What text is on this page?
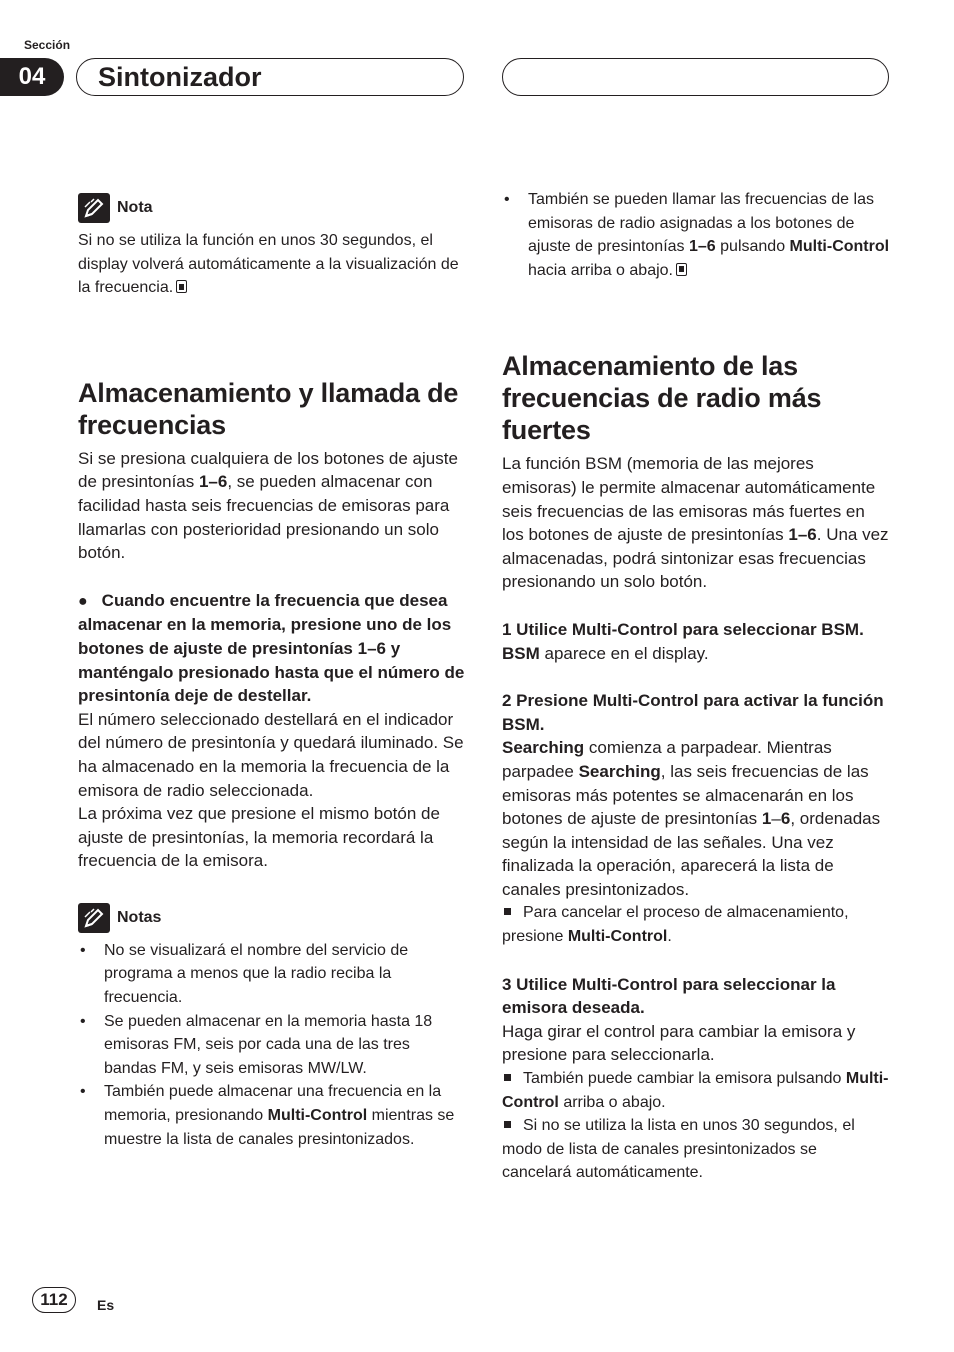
Sección
04	Sintonizador
Nota

Si no se utiliza la función en unos 30 segundos, el display volverá automáticamente a la visualización de la frecuencia.

Almacenamiento y llamada de frecuencias

Si se presiona cualquiera de los botones de ajuste de presintonías 1–6, se pueden almacenar con facilidad hasta seis frecuencias de emisoras para llamarlas con posterioridad presionando un solo botón.

● Cuando encuentre la frecuencia que desea almacenar en la memoria, presione uno de los botones de ajuste de presintonías 1–6 y manténgalo presionado hasta que el número de presintonía deje de destellar.

El número seleccionado destellará en el indicador del número de presintonía y quedará iluminado. Se ha almacenado en la memoria la frecuencia de la emisora de radio seleccionada.

La próxima vez que presione el mismo botón de ajuste de presintonías, la memoria recordará la frecuencia de la emisora.

Notas
• No se visualizará el nombre del servicio de programa a menos que la radio reciba la frecuencia.
• Se pueden almacenar en la memoria hasta 18 emisoras FM, seis por cada una de las tres bandas FM, y seis emisoras MW/LW.
• También puede almacenar una frecuencia en la memoria, presionando Multi-Control mientras se muestre la lista de canales presintonizados.
• También se pueden llamar las frecuencias de las emisoras de radio asignadas a los botones de ajuste de presintonías 1–6 pulsando Multi-Control hacia arriba o abajo.
Almacenamiento de las frecuencias de radio más fuertes

La función BSM (memoria de las mejores emisoras) le permite almacenar automáticamente seis frecuencias de las emisoras más fuertes en los botones de ajuste de presintonías 1–6. Una vez almacenadas, podrá sintonizar esas frecuencias presionando un solo botón.

1 Utilice Multi-Control para seleccionar BSM.

BSM aparece en el display.

2 Presione Multi-Control para activar la función BSM.

Searching comienza a parpadear. Mientras parpadee Searching, las seis frecuencias de las emisoras más potentes se almacenarán en los botones de ajuste de presintonías 1–6, ordenadas según la intensidad de las señales. Una vez finalizada la operación, aparecerá la lista de canales presintonizados.

Para cancelar el proceso de almacenamiento, presione Multi-Control.

3 Utilice Multi-Control para seleccionar la emisora deseada.

Haga girar el control para cambiar la emisora y presione para seleccionarla.

También puede cambiar la emisora pulsando Multi-Control arriba o abajo.

Si no se utiliza la lista en unos 30 segundos, el modo de lista de canales presintonizados se cancelará automáticamente.

112	Es
